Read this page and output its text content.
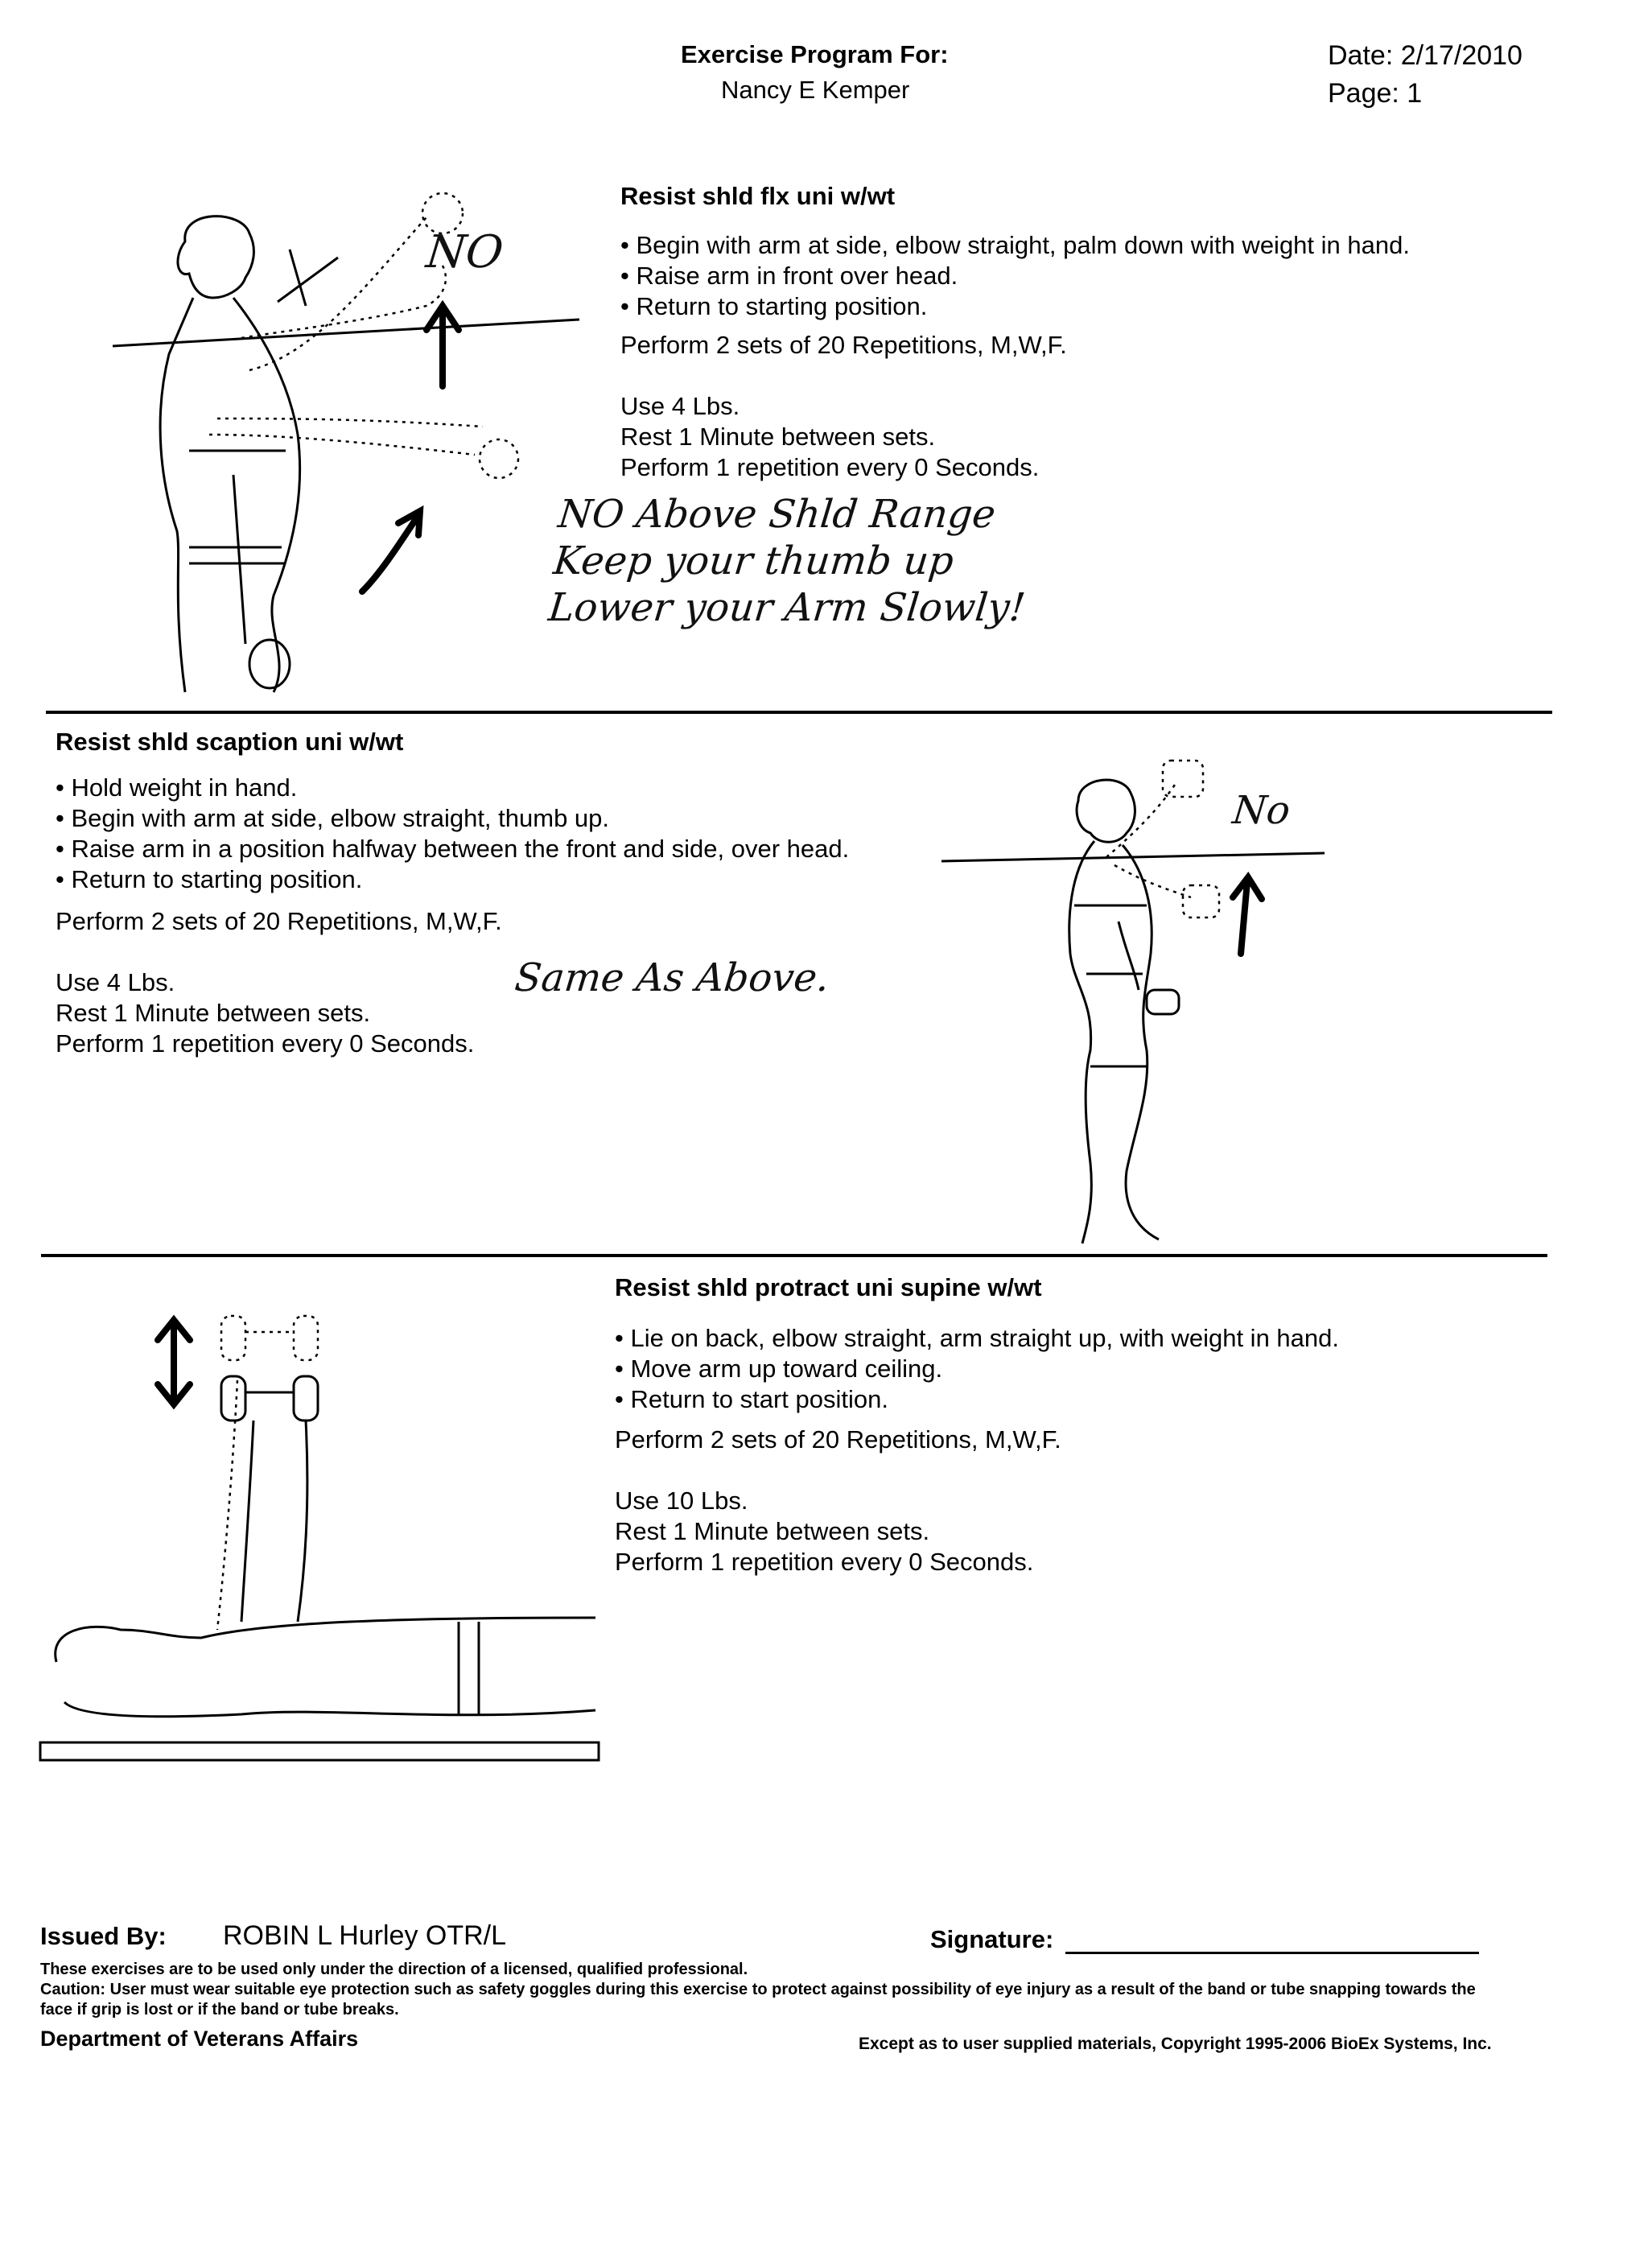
Exercise Program For:
Nancy E Kemper
Date: 2/17/2010
Page: 1
NO
Resist shld flx uni w/wt
• Begin with arm at side, elbow straight, palm down with weight in hand.
• Raise arm in front over head.
• Return to starting position.
Perform 2 sets of 20 Repetitions, M,W,F.
Use 4 Lbs.
Rest 1 Minute between sets.
Perform 1 repetition every 0 Seconds.
NO Above Shld Range
Keep your thumb up
Lower your Arm Slowly!
Resist shld scaption uni w/wt
• Hold weight in hand.
• Begin with arm at side, elbow straight, thumb up.
• Raise arm in a position halfway between the front and side, over head.
• Return to starting position.
Perform 2 sets of 20 Repetitions, M,W,F.
Use 4 Lbs.
Rest 1 Minute between sets.
Perform 1 repetition every 0 Seconds.
Same As Above.
No
Resist shld protract uni supine w/wt
• Lie on back, elbow straight, arm straight up, with weight in hand.
• Move arm up toward ceiling.
• Return to start position.
Perform 2 sets of 20 Repetitions, M,W,F.
Use 10 Lbs.
Rest 1 Minute between sets.
Perform 1 repetition every 0 Seconds.
Issued By: ROBIN L Hurley OTR/L	Signature:
These exercises are to be used only under the direction of a licensed, qualified professional.
Caution: User must wear suitable eye protection such as safety goggles during this exercise to protect against possibility of eye injury as a result of the band or tube snapping towards the face if grip is lost or if the band or tube breaks.
Department of Veterans Affairs	Except as to user supplied materials, Copyright 1995-2006 BioEx Systems, Inc.
